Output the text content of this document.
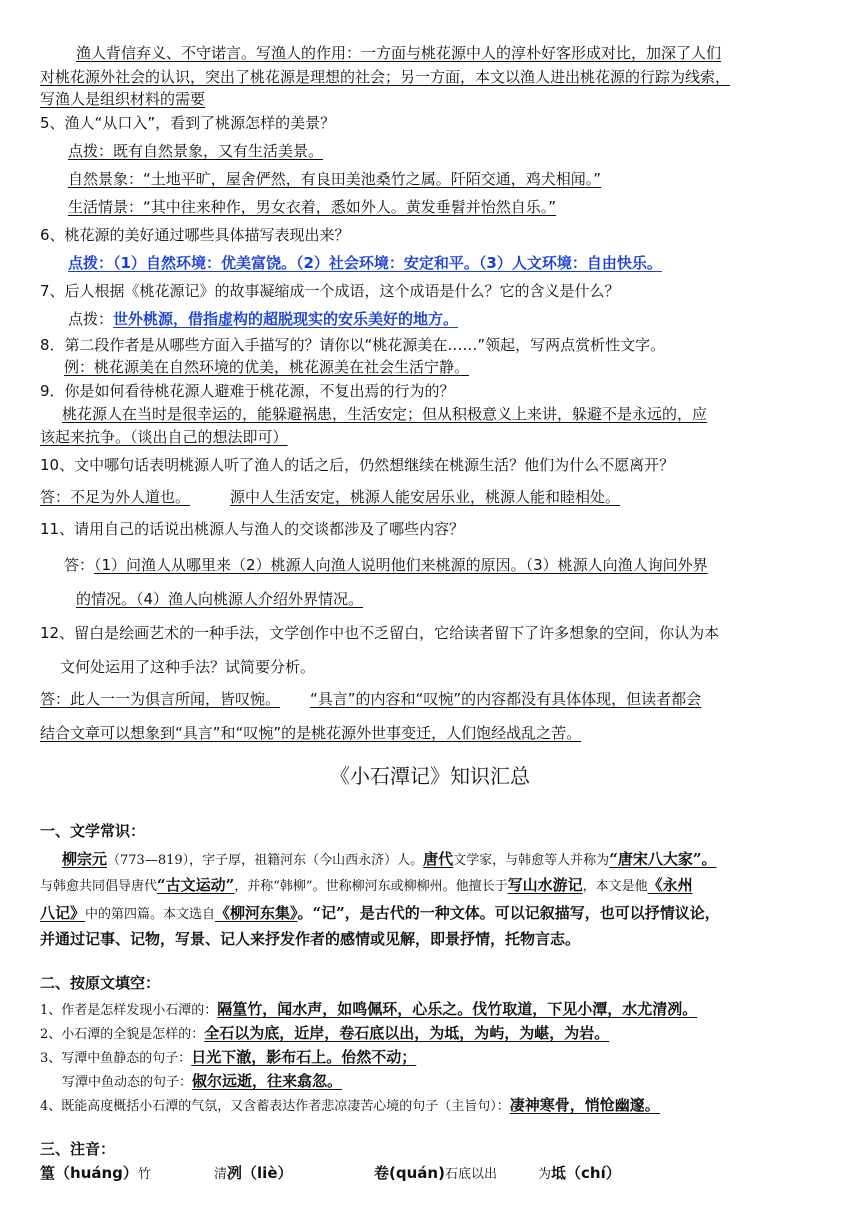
渔人背信弃义、不守诺言。写渔人的作用：一方面与桃花源中人的淳朴好客形成对比，加深了人们
对桃花源外社会的认识，突出了桃花源是理想的社会；另一方面，本文以渔人进出桃花源的行踪为线索，
写渔人是组织材料的需要
5、渔人“从口入”，看到了桃源怎样的美景？
点拨：既有自然景象，又有生活美景。
自然景象：“土地平旷，屋舍俨然，有良田美池桑竹之属。阡陌交通，鸡犬相闻。”
生活情景：“其中往来种作，男女衣着，悉如外人。黄发垂髫并怡然自乐。”
6、桃花源的美好通过哪些具体描写表现出来？
点拨：（1）自然环境：优美富饶。（2）社会环境：安定和平。（3）人文环境：自由快乐。
7、后人根据《桃花源记》的故事凝缩成一个成语，这个成语是什么？它的含义是什么？
点拨：世外桃源，借指虚构的超脱现实的安乐美好的地方。
8．第二段作者是从哪些方面入手描写的？请你以“桃花源美在……”领起，写两点赏析性文字。
例：桃花源美在自然环境的优美，桃花源美在社会生活宁静。
9．你是如何看待桃花源人避难于桃花源，不复出焉的行为的？
桃花源人在当时是很幸运的，能躲避祸患，生活安定；但从积极意义上来讲，躲避不是永远的，应
该起来抗争。（谈出自己的想法即可）
10、文中哪句话表明桃源人听了渔人的话之后，仍然想继续在桃源生活？他们为什么不愿离开？
答：不足为外人道也。	源中人生活安定，桃源人能安居乐业，桃源人能和睦相处。
11、请用自己的话说出桃源人与渔人的交谈都涉及了哪些内容？
答：（1）问渔人从哪里来（2）桃源人向渔人说明他们来桃源的原因。（3）桃源人向渔人询问外界
的情况。（4）渔人向桃源人介绍外界情况。
12、留白是绘画艺术的一种手法，文学创作中也不乏留白，它给读者留下了许多想象的空间，你认为本
文何处运用了这种手法？试简要分析。
答：此人一一为俱言所闻，皆叹惋。 “具言”的内容和“叹惋”的内容都没有具体体现，但读者都会
结合文章可以想象到“具言”和“叹惋”的是桃花源外世事变迁，人们饱经战乱之苦。
《小石潭记》知识汇总
一、文学常识：
柳宗元（773—819），字子厚，祖籍河东（今山西永济）人。唐代文学家，与韩愈等人并称为“唐宋八大家”。
与韩愈共同倡导唐代“古文运动”，并称“韩柳”。世称柳河东或柳柳州。他擅长于写山水游记，本文是他《永州
八记》中的第四篇。本文选自《柳河东集》。“记”，是古代的一种文体。可以记叙描写，也可以抒情议论，
并通过记事、记物，写景、记人来抒发作者的感情或见解，即景抒情，托物言志。
二、按原文填空：
1、作者是怎样发现小石潭的：隔篁竹，闻水声，如鸣佩环，心乐之。伐竹取道，下见小潭，水尤清冽。
2、小石潭的全貌是怎样的：全石以为底，近岸，卷石底以出，为坻，为屿，为嵁，为岩。
3、写潭中鱼静态的句子：日光下澈，影布石上。佁然不动；
写潭中鱼动态的句子：俶尔远逝，往来翕忽。
4、既能高度概括小石潭的气氛，又含蓄表达作者悲凉凄苦心境的句子（主旨句）：凄神寒骨，悄怆幽邃。
三、注音：
篁（huáng）竹	清冽（liè）	卷(quán)石底以出	为坻（chí）
